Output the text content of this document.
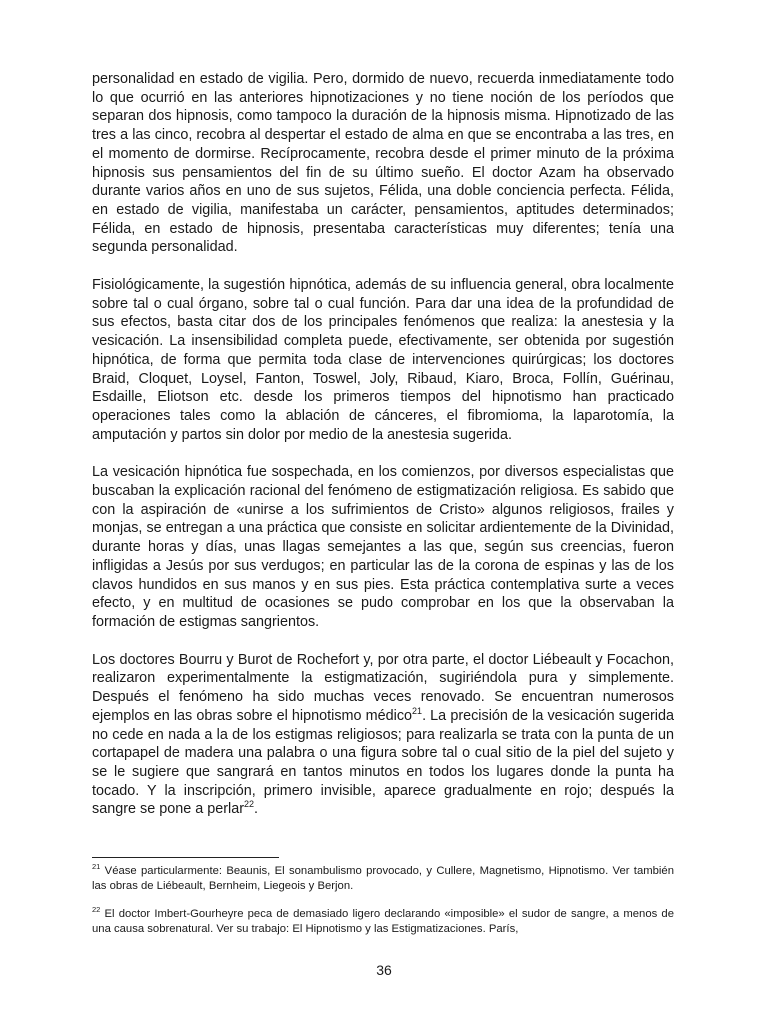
personalidad en estado de vigilia. Pero, dormido de nuevo, recuerda inmediatamente todo lo que ocurrió en las anteriores hipnotizaciones y no tiene noción de los períodos que separan dos hipnosis, como tampoco la duración de la hipnosis misma. Hipnotizado de las tres a las cinco, recobra al despertar el estado de alma en que se encontraba a las tres, en el momento de dormirse. Recíprocamente, recobra desde el primer minuto de la próxima hipnosis sus pensamientos del fin de su último sueño. El doctor Azam ha observado durante varios años en uno de sus sujetos, Félida, una doble conciencia perfecta. Félida, en estado de vigilia, manifestaba un carácter, pensamientos, aptitudes determinados; Félida, en estado de hipnosis, presentaba características muy diferentes; tenía una segunda personalidad.

Fisiológicamente, la sugestión hipnótica, además de su influencia general, obra localmente sobre tal o cual órgano, sobre tal o cual función. Para dar una idea de la profundidad de sus efectos, basta citar dos de los principales fenómenos que realiza: la anestesia y la vesicación. La insensibilidad completa puede, efectivamente, ser obtenida por sugestión hipnótica, de forma que permita toda clase de intervenciones quirúrgicas; los doctores Braid, Cloquet, Loysel, Fanton, Toswel, Joly, Ribaud, Kiaro, Broca, Follín, Guérinau, Esdaille, Eliotson etc. desde los primeros tiempos del hipnotismo han practicado operaciones tales como la ablación de cánceres, el fibromioma, la laparotomía, la amputación y partos sin dolor por medio de la anestesia sugerida.

La vesicación hipnótica fue sospechada, en los comienzos, por diversos especialistas que buscaban la explicación racional del fenómeno de estigmatización religiosa. Es sabido que con la aspiración de «unirse a los sufrimientos de Cristo» algunos religiosos, frailes y monjas, se entregan a una práctica que consiste en solicitar ardientemente de la Divinidad, durante horas y días, unas llagas semejantes a las que, según sus creencias, fueron infligidas a Jesús por sus verdugos; en particular las de la corona de espinas y las de los clavos hundidos en sus manos y en sus pies. Esta práctica contemplativa surte a veces efecto, y en multitud de ocasiones se pudo comprobar en los que la observaban la formación de estigmas sangrientos.

Los doctores Bourru y Burot de Rochefort y, por otra parte, el doctor Liébeault y Focachon, realizaron experimentalmente la estigmatización, sugiriéndola pura y simplemente. Después el fenómeno ha sido muchas veces renovado. Se encuentran numerosos ejemplos en las obras sobre el hipnotismo médico$^{21}$. La precisión de la vesicación sugerida no cede en nada a la de los estigmas religiosos; para realizarla se trata con la punta de un cortapapel de madera una palabra o una figura sobre tal o cual sitio de la piel del sujeto y se le sugiere que sangrará en tantos minutos en todos los lugares donde la punta ha tocado. Y la inscripción, primero invisible, aparece gradualmente en rojo; después la sangre se pone a perlar$^{22}$.

$^{21}$ Véase particularmente: Beaunis, El sonambulismo provocado, y Cullere, Magnetismo, Hipnotismo. Ver también las obras de Liébeault, Bernheim, Liegeois y Berjon.

$^{22}$ El doctor Imbert-Gourheyre peca de demasiado ligero declarando «imposible» el sudor de sangre, a menos de una causa sobrenatural. Ver su trabajo: El Hipnotismo y las Estigmatizaciones. París,

36
